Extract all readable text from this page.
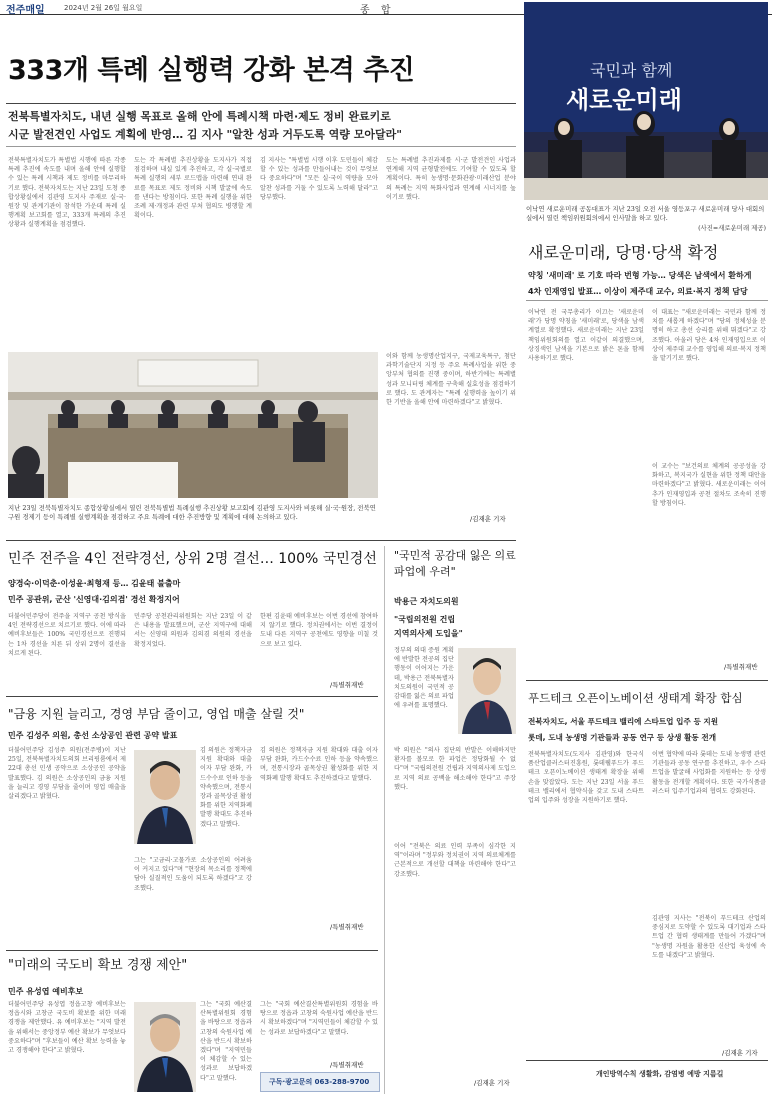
전주매일	2024년 2월 26일 월요일	종 합
333개 특례 실행력 강화 본격 추진
전북특별자치도, 내년 실행 목표로 올해 안에 특례시책 마련·제도 정비 완료키로
시군 발전견인 사업도 계획에 반영… 김 지사 "알찬 성과 거두도록 역량 모아달라"
전북특별자치도가 특별법 시행에 따른 각종 특례 추진에 속도를 내며 올해 안에 실행할 수 있는 특례 시책과 제도 정비를 마무리하기로 했다. 전북자치도는 지난 23일 도청 종합상황실에서 김관영 도지사 주재로 실·국·원장 및 관계기관이 참석한 가운데 특례 실행계획 보고회를 열고, 333개 특례의 추진상황과 실행계획을 점검했다.
도는 각 특례별 추진상황을 도지사가 직접 점검하며 내실 있게 추진하고, 각 실·국별로 특례 실행의 세부 로드맵을 마련해 연내 완료를 목표로 제도 정비와 시책 발굴에 속도를 낸다는 방침이다. 또한 특례 실행을 위한 조례 제·개정과 관련 부처 협의도 병행할 계획이다.
김 지사는 "특별법 시행 이후 도민들이 체감할 수 있는 성과를 만들어내는 것이 무엇보다 중요하다"며 "모든 실·국이 역량을 모아 알찬 성과를 거둘 수 있도록 노력해 달라"고 당부했다.
도는 특례별 추진과제를 시·군 발전견인 사업과 연계해 지역 균형발전에도 기여할 수 있도록 할 계획이다. 특히 농생명·문화관광·미래산업 분야의 특례는 지역 특화사업과 연계해 시너지를 높이기로 했다.
지난 23일 전북특별자치도 종합상황실에서 열린 전북특별법 특례실행 추진상황 보고회에 김관영 도지사와 비롯해 실·국·원장, 전북연구원 경제기 등이 특례별 실행계획을 점검하고 주요 특례에 대한 추진방향 및 계획에 대해 논의하고 있다.
이와 함께 농생명산업지구, 국제교육특구, 첨단과학기술단지 지정 등 주요 특례사업을 위한 중앙부처 협의를 진행 중이며, 하반기에는 특례별 성과 모니터링 체계를 구축해 실효성을 점검하기로 했다. 도 관계자는 "특례 실행력을 높이기 위한 기반을 올해 안에 마련하겠다"고 밝혔다.
/김재훈 기자
국민과 함께
새로운미래
이낙연 새로운미래 공동대표가 지난 23일 오전 서울 영등포구 새로운미래 당사 대회의실에서 열린 책임위원회의에서 인사말을 하고 있다.
(사진=새로운미래 제공)
새로운미래, 당명·당색 확정
약칭 '새미래' 로 기호 따라 번형 가능… 당색은 남색에서 환하게
4차 인재영입 발표… 이상이 제주대 교수, 의료·복지 정책 담당
이낙연 전 국무총리가 이끄는 '새로운미래'가 당명 약칭을 '새미래'로, 당색을 남색 계열로 확정했다. 새로운미래는 지난 23일 책임위원회의를 열고 이같이 의결했으며, 상징색인 남색을 기본으로 밝은 톤을 함께 사용하기로 했다.
이 대표는 "새로운미래는 국민과 함께 정치를 새롭게 하겠다"며 "당의 정체성을 분명히 하고 총선 승리를 위해 뛰겠다"고 강조했다. 아울러 당은 4차 인재영입으로 이상이 제주대 교수를 영입해 의료·복지 정책을 맡기기로 했다.
이 교수는 "보건의료 체계의 공공성을 강화하고, 복지국가 실현을 위한 정책 대안을 마련하겠다"고 밝혔다. 새로운미래는 이어 추가 인재영입과 공천 절차도 조속히 진행할 방침이다.
/특별취재반
민주 전주을 4인 전략경선, 상위 2명 결선… 100% 국민경선
양경숙·이덕춘·이성윤·최형재 등… 김윤태 불출마
민주 공관위, 군산 '신영대·김의겸' 경선 확정지어
더불어민주당이 전주을 지역구 공천 방식을 4인 전략경선으로 치르기로 했다. 이에 따라 예비후보들은 100% 국민경선으로 진행되는 1차 경선을 치른 뒤 상위 2명이 결선을 치르게 된다.
민주당 공천관리위원회는 지난 23일 이 같은 내용을 발표했으며, 군산 지역구에 대해서는 신영대 의원과 김의겸 의원의 경선을 확정지었다.
한편 김윤태 예비후보는 이번 경선에 참여하지 않기로 했다. 정치권에서는 이번 결정이 도내 다른 지역구 공천에도 영향을 미칠 것으로 보고 있다.
/특별취재반
"국민적 공감대 잃은 의료 파업에 우려"
박용근 자치도의원
"국립의전원 건립
지역의사제 도입을"
정부의 의대 증원 계획에 반발한 전공의 집단행동이 이어지는 가운데, 박용근 전북특별자치도의원이 국민적 공감대를 잃은 의료 파업에 우려를 표명했다.
박 의원은 "의사 집단의 반발은 이해하지만 환자를 볼모로 한 파업은 정당화될 수 없다"며 "국립의전원 건립과 지역의사제 도입으로 지역 의료 공백을 해소해야 한다"고 주장했다.
이어 "전북은 의료 인력 부족이 심각한 지역"이라며 "정부와 정치권이 지역 의료체계를 근본적으로 개선할 대책을 마련해야 한다"고 강조했다.
/김재훈 기자
푸드테크 오픈이노베이션 생태계 확장 합심
전북자치도, 서울 푸드테크 밸리에 스타트업 입주 등 지원
롯데, 도내 농생명 기관들과 공동 연구 등 상생 활동 전개
전북특별자치도(도지사 김관영)와 한국식품산업클러스터진흥원, 롯데웰푸드가 푸드테크 오픈이노베이션 생태계 확장을 위해 손을 맞잡았다. 도는 지난 23일 서울 푸드테크 밸리에서 협약식을 갖고 도내 스타트업의 입주와 성장을 지원하기로 했다.
이번 협약에 따라 롯데는 도내 농생명 관련 기관들과 공동 연구를 추진하고, 우수 스타트업을 발굴해 사업화를 지원하는 등 상생 활동을 전개할 계획이다. 또한 국가식품클러스터 입주기업과의 협력도 강화된다.
김관영 지사는 "전북이 푸드테크 산업의 중심지로 도약할 수 있도록 대기업과 스타트업 간 협력 생태계를 만들어 가겠다"며 "농생명 자원을 활용한 신산업 육성에 속도를 내겠다"고 밝혔다.
/김재훈 기자
개인방역수칙 생활화, 감염병 예방 지름길
"금융 지원 늘리고, 경영 부담 줄이고, 영업 매출 살릴 것"
민주 김성주 의원, 총선 소상공인 관련 공약 발표
더불어민주당 김성주 의원(전주병)이 지난 25일, 전북특별자치도의회 브리핑룸에서 제22대 총선 민생 공약으로 소상공인 공약을 발표했다. 김 의원은 소상공인의 금융 지원을 늘리고 경영 부담을 줄이며 영업 매출을 살리겠다고 밝혔다.
김 의원은 정책자금 지원 확대와 대출 이자 부담 완화, 카드수수료 인하 등을 약속했으며, 전통시장과 골목상권 활성화를 위한 지역화폐 발행 확대도 추진하겠다고 말했다.
그는 "고금리·고물가로 소상공인의 어려움이 커지고 있다"며 "현장의 목소리를 정책에 담아 실질적인 도움이 되도록 하겠다"고 강조했다.
김 의원은 정책자금 지원 확대와 대출 이자 부담 완화, 카드수수료 인하 등을 약속했으며, 전통시장과 골목상권 활성화를 위한 지역화폐 발행 확대도 추진하겠다고 말했다.
/특별취재반
"미래의 국도비 확보 경쟁 제안"
민주 유성엽 예비후보
더불어민주당 유성엽 정읍고창 예비후보는 정읍시와 고창군 국도비 확보를 위한 미래 경쟁을 제안했다. 유 예비후보는 "지역 발전을 위해서는 중앙정부 예산 확보가 무엇보다 중요하다"며 "후보들이 예산 확보 능력을 놓고 경쟁해야 한다"고 밝혔다.
그는 "국회 예산결산특별위원회 경험을 바탕으로 정읍과 고창의 숙원사업 예산을 반드시 확보하겠다"며 "지역민들이 체감할 수 있는 성과로 보답하겠다"고 말했다.
그는 "국회 예산결산특별위원회 경험을 바탕으로 정읍과 고창의 숙원사업 예산을 반드시 확보하겠다"며 "지역민들이 체감할 수 있는 성과로 보답하겠다"고 말했다.
/특별취재반
구독·광고문의 063-288-9700
